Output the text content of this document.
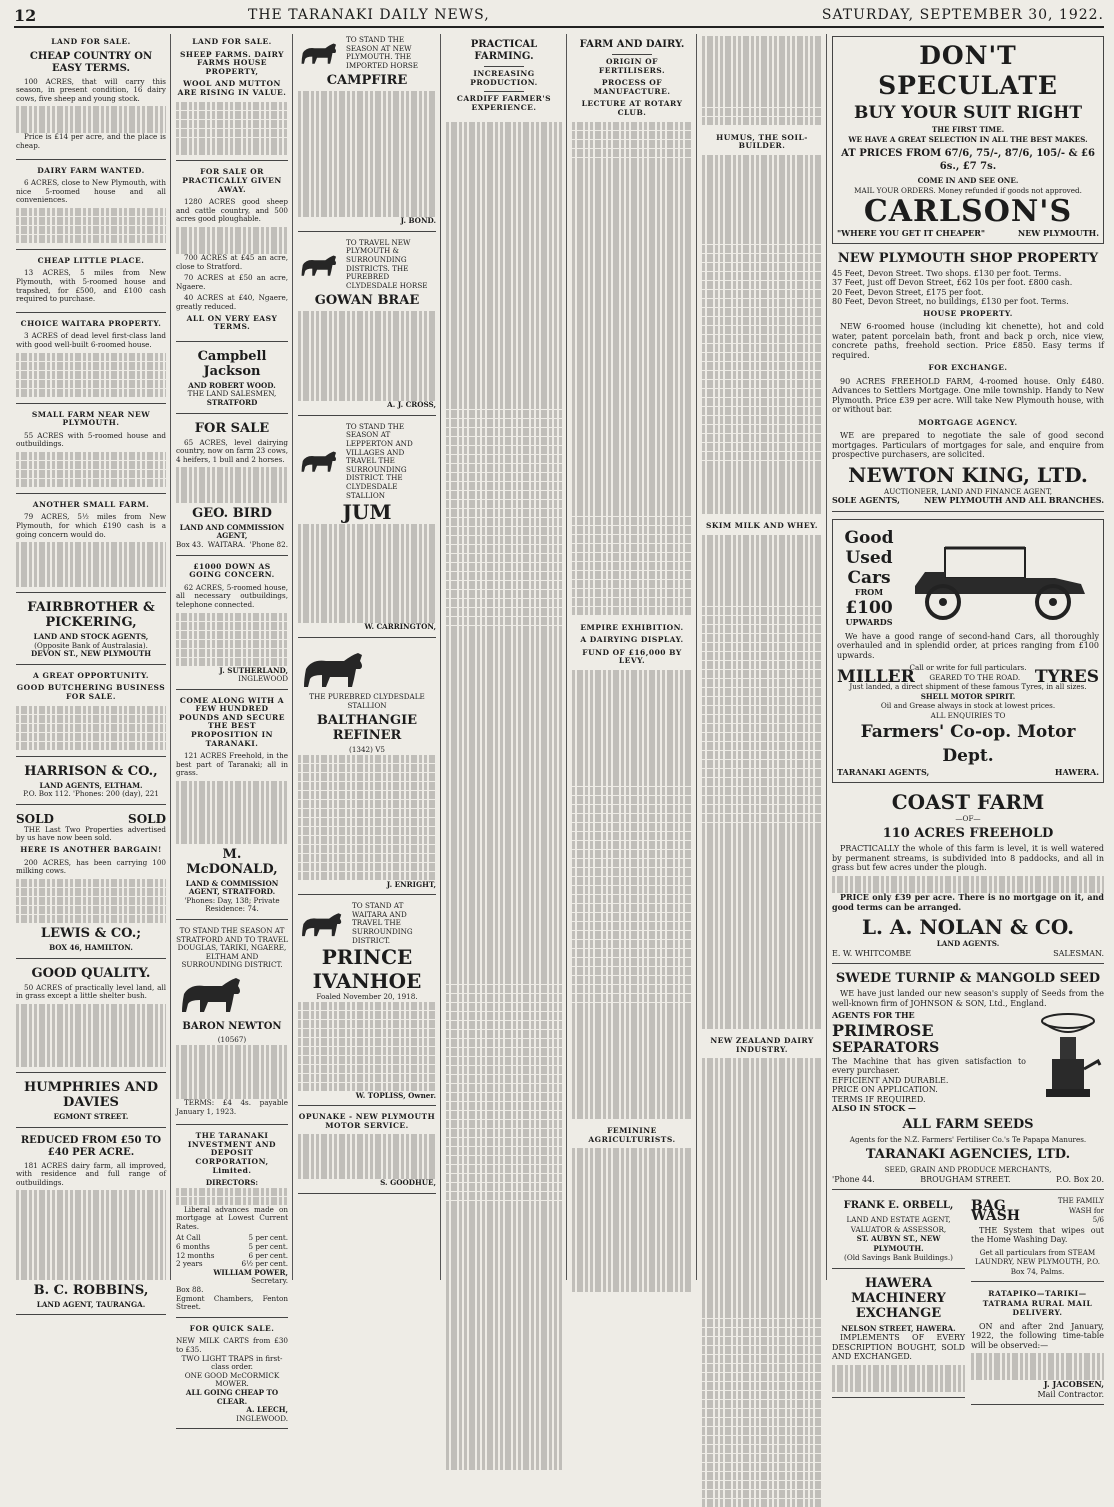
12	THE TARANAKI DAILY NEWS,	SATURDAY, SEPTEMBER 30, 1922.
LAND FOR SALE.
CHEAP COUNTRY ON EASY TERMS.
100 ACRES, that will carry this season, in present condition, 16 dairy cows, five sheep and young stock.
Price is £14 per acre, and the place is cheap.
DAIRY FARM WANTED.
6 ACRES, close to New Plymouth, with nice 5-roomed house and all conveniences.
CHEAP LITTLE PLACE.
13 ACRES, 5 miles from New Plymouth, with 5-roomed house and trapshed, for £500, and £100 cash required to purchase.
CHOICE WAITARA PROPERTY.
3 ACRES of dead level first-class land with good well-built 6-roomed house.
SMALL FARM NEAR NEW PLYMOUTH.
55 ACRES with 5-roomed house and outbuildings.
ANOTHER SMALL FARM.
79 ACRES, 5½ miles from New Plymouth, for which £190 cash is a going concern would do.
FAIRBROTHER & PICKERING,
LAND AND STOCK AGENTS,
(Opposite Bank of Australasia).
DEVON ST., NEW PLYMOUTH
A GREAT OPPORTUNITY.
GOOD BUTCHERING BUSINESS FOR SALE.
HARRISON & CO.,
LAND AGENTS, ELTHAM.
P.O. Box 112. 'Phones: 200 (day), 221
SOLD	SOLD
THE Last Two Properties advertised by us have now been sold.
HERE IS ANOTHER BARGAIN!
200 ACRES, has been carrying 100 milking cows.
LEWIS & CO.;
BOX 46, HAMILTON.
GOOD QUALITY.
50 ACRES of practically level land, all in grass except a little shelter bush.
HUMPHRIES AND DAVIES
EGMONT STREET.
REDUCED FROM £50 TO £40 PER ACRE.
181 ACRES dairy farm, all improved, with residence and full range of outbuildings.
B. C. ROBBINS,
LAND AGENT, TAURANGA.
LAND FOR SALE.
SHEEP FARMS. DAIRY FARMS HOUSE PROPERTY,
WOOL AND MUTTON ARE RISING IN VALUE.
FOR SALE OR PRACTICALLY GIVEN AWAY.
1280 ACRES good sheep and cattle country, and 500 acres good ploughable.
700 ACRES at £45 an acre, close to Stratford.
70 ACRES at £50 an acre, Ngaere.
40 ACRES at £40, Ngaere, greatly reduced.
ALL ON VERY EASY TERMS.
Campbell Jackson
AND ROBERT WOOD.
THE LAND SALESMEN,
STRATFORD
FOR SALE
65 ACRES, level dairying country, now on farm 23 cows, 4 heifers, 1 bull and 2 horses.
GEO. BIRD
LAND AND COMMISSION AGENT,
Box 43. WAITARA. 'Phone 82.
£1000 DOWN AS GOING CONCERN.
62 ACRES, 5-roomed house, all necessary outbuildings, telephone connected.
J. SUTHERLAND,
INGLEWOOD
COME ALONG WITH A FEW HUNDRED POUNDS AND SECURE THE BEST PROPOSITION IN TARANAKI.
121 ACRES Freehold, in the best part of Taranaki; all in grass.
M. McDONALD,
LAND & COMMISSION AGENT, STRATFORD.
'Phones: Day, 138; Private Residence: 74.
TO STAND THE SEASON AT STRATFORD AND TO TRAVEL DOUGLAS, TARIKI, NGAERE, ELTHAM AND SURROUNDING DISTRICT.
BARON NEWTON
(10567)
TERMS: £4 4s. payable January 1, 1923.
THE TARANAKI INVESTMENT AND DEPOSIT CORPORATION, Limited.
DIRECTORS:
Liberal advances made on mortgage at Lowest Current Rates.
At Call	5 per cent.
6 months	5 per cent.
12 months	6 per cent.
2 years	6½ per cent.
WILLIAM POWER,
Secretary.
Box 88.
Egmont Chambers, Fenton Street.
FOR QUICK SALE.
NEW MILK CARTS from £30 to £35.
TWO LIGHT TRAPS in first-class order.
ONE GOOD McCORMICK MOWER.
ALL GOING CHEAP TO CLEAR.
A. LEECH,
INGLEWOOD.
TO STAND THE SEASON AT NEW PLYMOUTH. THE IMPORTED HORSE
CAMPFIRE
J. BOND.
TO TRAVEL NEW PLYMOUTH & SURROUNDING DISTRICTS. THE PUREBRED CLYDESDALE HORSE
GOWAN BRAE
A. J. CROSS,
TO STAND THE SEASON AT LEPPERTON AND VILLAGES AND TRAVEL THE SURROUNDING DISTRICT. THE CLYDESDALE STALLION
JUM
W. CARRINGTON,
THE PUREBRED CLYDESDALE STALLION
BALTHANGIE REFINER
(1342) V5
J. ENRIGHT,
TO STAND AT WAITARA AND TRAVEL THE SURROUNDING DISTRICT.
PRINCE IVANHOE
Foaled November 20, 1918.
W. TOPLISS, Owner.
OPUNAKE - NEW PLYMOUTH MOTOR SERVICE.
S. GOODHUE,
PRACTICAL FARMING.
INCREASING PRODUCTION.
CARDIFF FARMER'S EXPERIENCE.
FARM AND DAIRY.
ORIGIN OF FERTILISERS.
PROCESS OF MANUFACTURE.
LECTURE AT ROTARY CLUB.
EMPIRE EXHIBITION.
A DAIRYING DISPLAY.
FUND OF £16,000 BY LEVY.
FEMININE AGRICULTURISTS.
HUMUS, THE SOIL-BUILDER.
SKIM MILK AND WHEY.
NEW ZEALAND DAIRY INDUSTRY.
DON'T SPECULATE
BUY YOUR SUIT RIGHT
THE FIRST TIME.
WE HAVE A GREAT SELECTION IN ALL THE BEST MAKES.
AT PRICES FROM 67/6, 75/-, 87/6, 105/- & £6 6s., £7 7s.
COME IN AND SEE ONE.
MAIL YOUR ORDERS. Money refunded if goods not approved.
CARLSON'S
"WHERE YOU GET IT CHEAPER"	NEW PLYMOUTH.
NEW PLYMOUTH SHOP PROPERTY
45 Feet, Devon Street. Two shops. £130 per foot. Terms.
37 Feet, just off Devon Street, £62 10s per foot. £800 cash.
20 Feet, Devon Street, £175 per foot.
80 Feet, Devon Street, no buildings, £130 per foot. Terms.
HOUSE PROPERTY.
NEW 6-roomed house (including kit chenette), hot and cold water, patent porcelain bath, front and back p orch, nice view, concrete paths, freehold section. Price £850. Easy terms if required.
FOR EXCHANGE.
90 ACRES FREEHOLD FARM, 4-roomed house. Only £480. Advances to Settlers Mortgage. One mile township. Handy to New Plymouth. Price £39 per acre. Will take New Plymouth house, with or without bar.
MORTGAGE AGENCY.
WE are prepared to negotiate the sale of good second mortgages. Particulars of mortgages for sale, and enquire from prospective purchasers, are solicited.
NEWTON KING, LTD.
AUCTIONEER, LAND AND FINANCE AGENT,
SOLE AGENTS,	NEW PLYMOUTH AND ALL BRANCHES.
Good
Used
Cars
FROM
£100
UPWARDS
We have a good range of second-hand Cars, all thoroughly overhauled and in splendid order, at prices ranging from £100 upwards.
Call or write for full particulars.
MILLER GEARED TO THE ROAD. TYRES
Just landed, a direct shipment of these famous Tyres, in all sizes.
SHELL MOTOR SPIRIT.
Oil and Grease always in stock at lowest prices.
ALL ENQUIRIES TO
Farmers' Co-op. Motor Dept.
TARANAKI AGENTS,	HAWERA.
COAST FARM
—OF—
110 ACRES FREEHOLD
PRACTICALLY the whole of this farm is level, it is well watered by permanent streams, is subdivided into 8 paddocks, and all in grass but few acres under the plough.
PRICE only £39 per acre. There is no mortgage on it, and good terms can be arranged.
L. A. NOLAN & CO.
LAND AGENTS.
E. W. WHITCOMBE	SALESMAN.
SWEDE TURNIP & MANGOLD SEED
WE have just landed our new season's supply of Seeds from the well-known firm of JOHNSON & SON, Ltd., England.
AGENTS FOR THE
PRIMROSE
SEPARATORS
The Machine that has given satisfaction to every purchaser.
EFFICIENT AND DURABLE.
PRICE ON APPLICATION.
TERMS IF REQUIRED.
ALSO IN STOCK —
ALL FARM SEEDS
Agents for the N.Z. Farmers' Fertiliser Co.'s Te Papapa Manures.
TARANAKI AGENCIES, LTD.
SEED, GRAIN AND PRODUCE MERCHANTS,
'Phone 44.	BROUGHAM STREET.	P.O. Box 20.
FRANK E. ORBELL,
LAND AND ESTATE AGENT, VALUATOR & ASSESSOR,
ST. AUBYN ST., NEW PLYMOUTH.
(Old Savings Bank Buildings.)
HAWERA MACHINERY EXCHANGE
NELSON STREET, HAWERA.
IMPLEMENTS OF EVERY DESCRIPTION BOUGHT, SOLD AND EXCHANGED.
BAG WASH
THE FAMILY WASH for 5/6
THE System that wipes out the Home Washing Day.
Get all particulars from STEAM LAUNDRY, NEW PLYMOUTH, P.O. Box 74, Palms.
RATAPIKO—TARIKI—TATRAMA RURAL MAIL DELIVERY.
ON and after 2nd January, 1922, the following time-table will be observed:—
J. JACOBSEN,
Mail Contractor.
